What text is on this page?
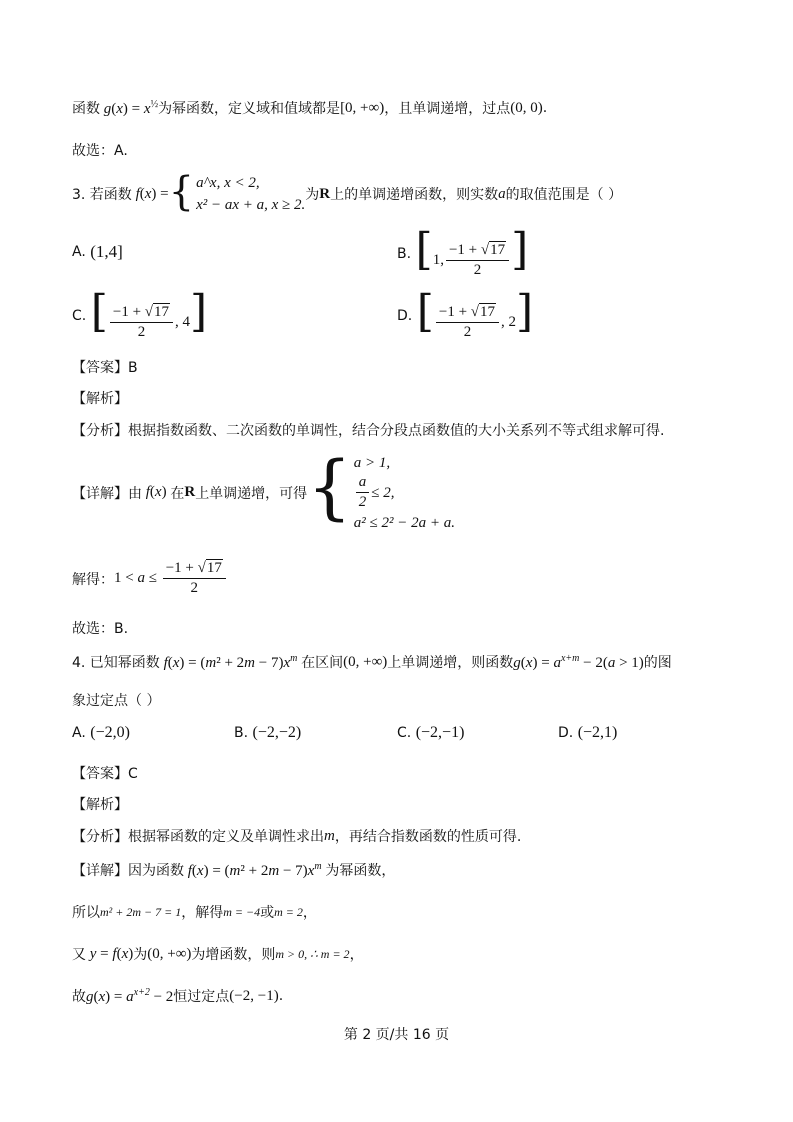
函数 $g(x) = x^{\frac{1}{2}}$ 为幂函数，定义域和值域都是 [0, +∞) ，且单调递增，过点 (0, 0) .
故选：A.
3. 若函数 f(x) = { a^x, x < 2,
x² − ax + a, x ≥ 2.
为 R 上的单调递增函数，则实数 a 的取值范围是（ ）
A.
(1,4]	B.
[1, $\frac{-1 + √17}{2}$ ]
C.
[ $\frac{-1 + √17}{2}$ , 4]	D.
[ $\frac{-1 + √17}{2}$ , 2]
【答案】B
【解析】
【分析】根据指数函数、二次函数的单调性，结合分段点函数值的大小关系列不等式组求解可得.
【详解】由 f(x) 在 R 上单调递增，可得 { a > 1,
$\frac{a}{2} \le 2$,
a² ≤ 2² − 2a + a.
解得： $1 < a \le \frac{-1 + √17}{2}$
故选：B.
4. 已知幂函数 $f(x) = (m^2 + 2m - 7)x^m$ 在区间 (0, +∞) 上单调递增，则函数 $g(x) = a^{x+m} - 2(a > 1)$ 的图
象过定点（ ）
A.
(−2,0)	B.
(−2,−2)	C.
(−2,−1)	D.
(−2,1)
【答案】C
【解析】
【分析】根据幂函数的定义及单调性求出 m ，再结合指数函数的性质可得.
【详解】因为函数 $f(x) = (m^2 + 2m - 7)x^m$ 为幂函数，
所以 m² + 2m − 7 = 1 ，解得 m = −4 或 m = 2 ，
又 y = f(x) 为 (0, +∞) 为增函数，则 m > 0, ∴ m = 2 ，
故 $g(x) = a^{x+2} - 2$ 恒过定点 (−2, −1) .
第 2 页/共 16 页
